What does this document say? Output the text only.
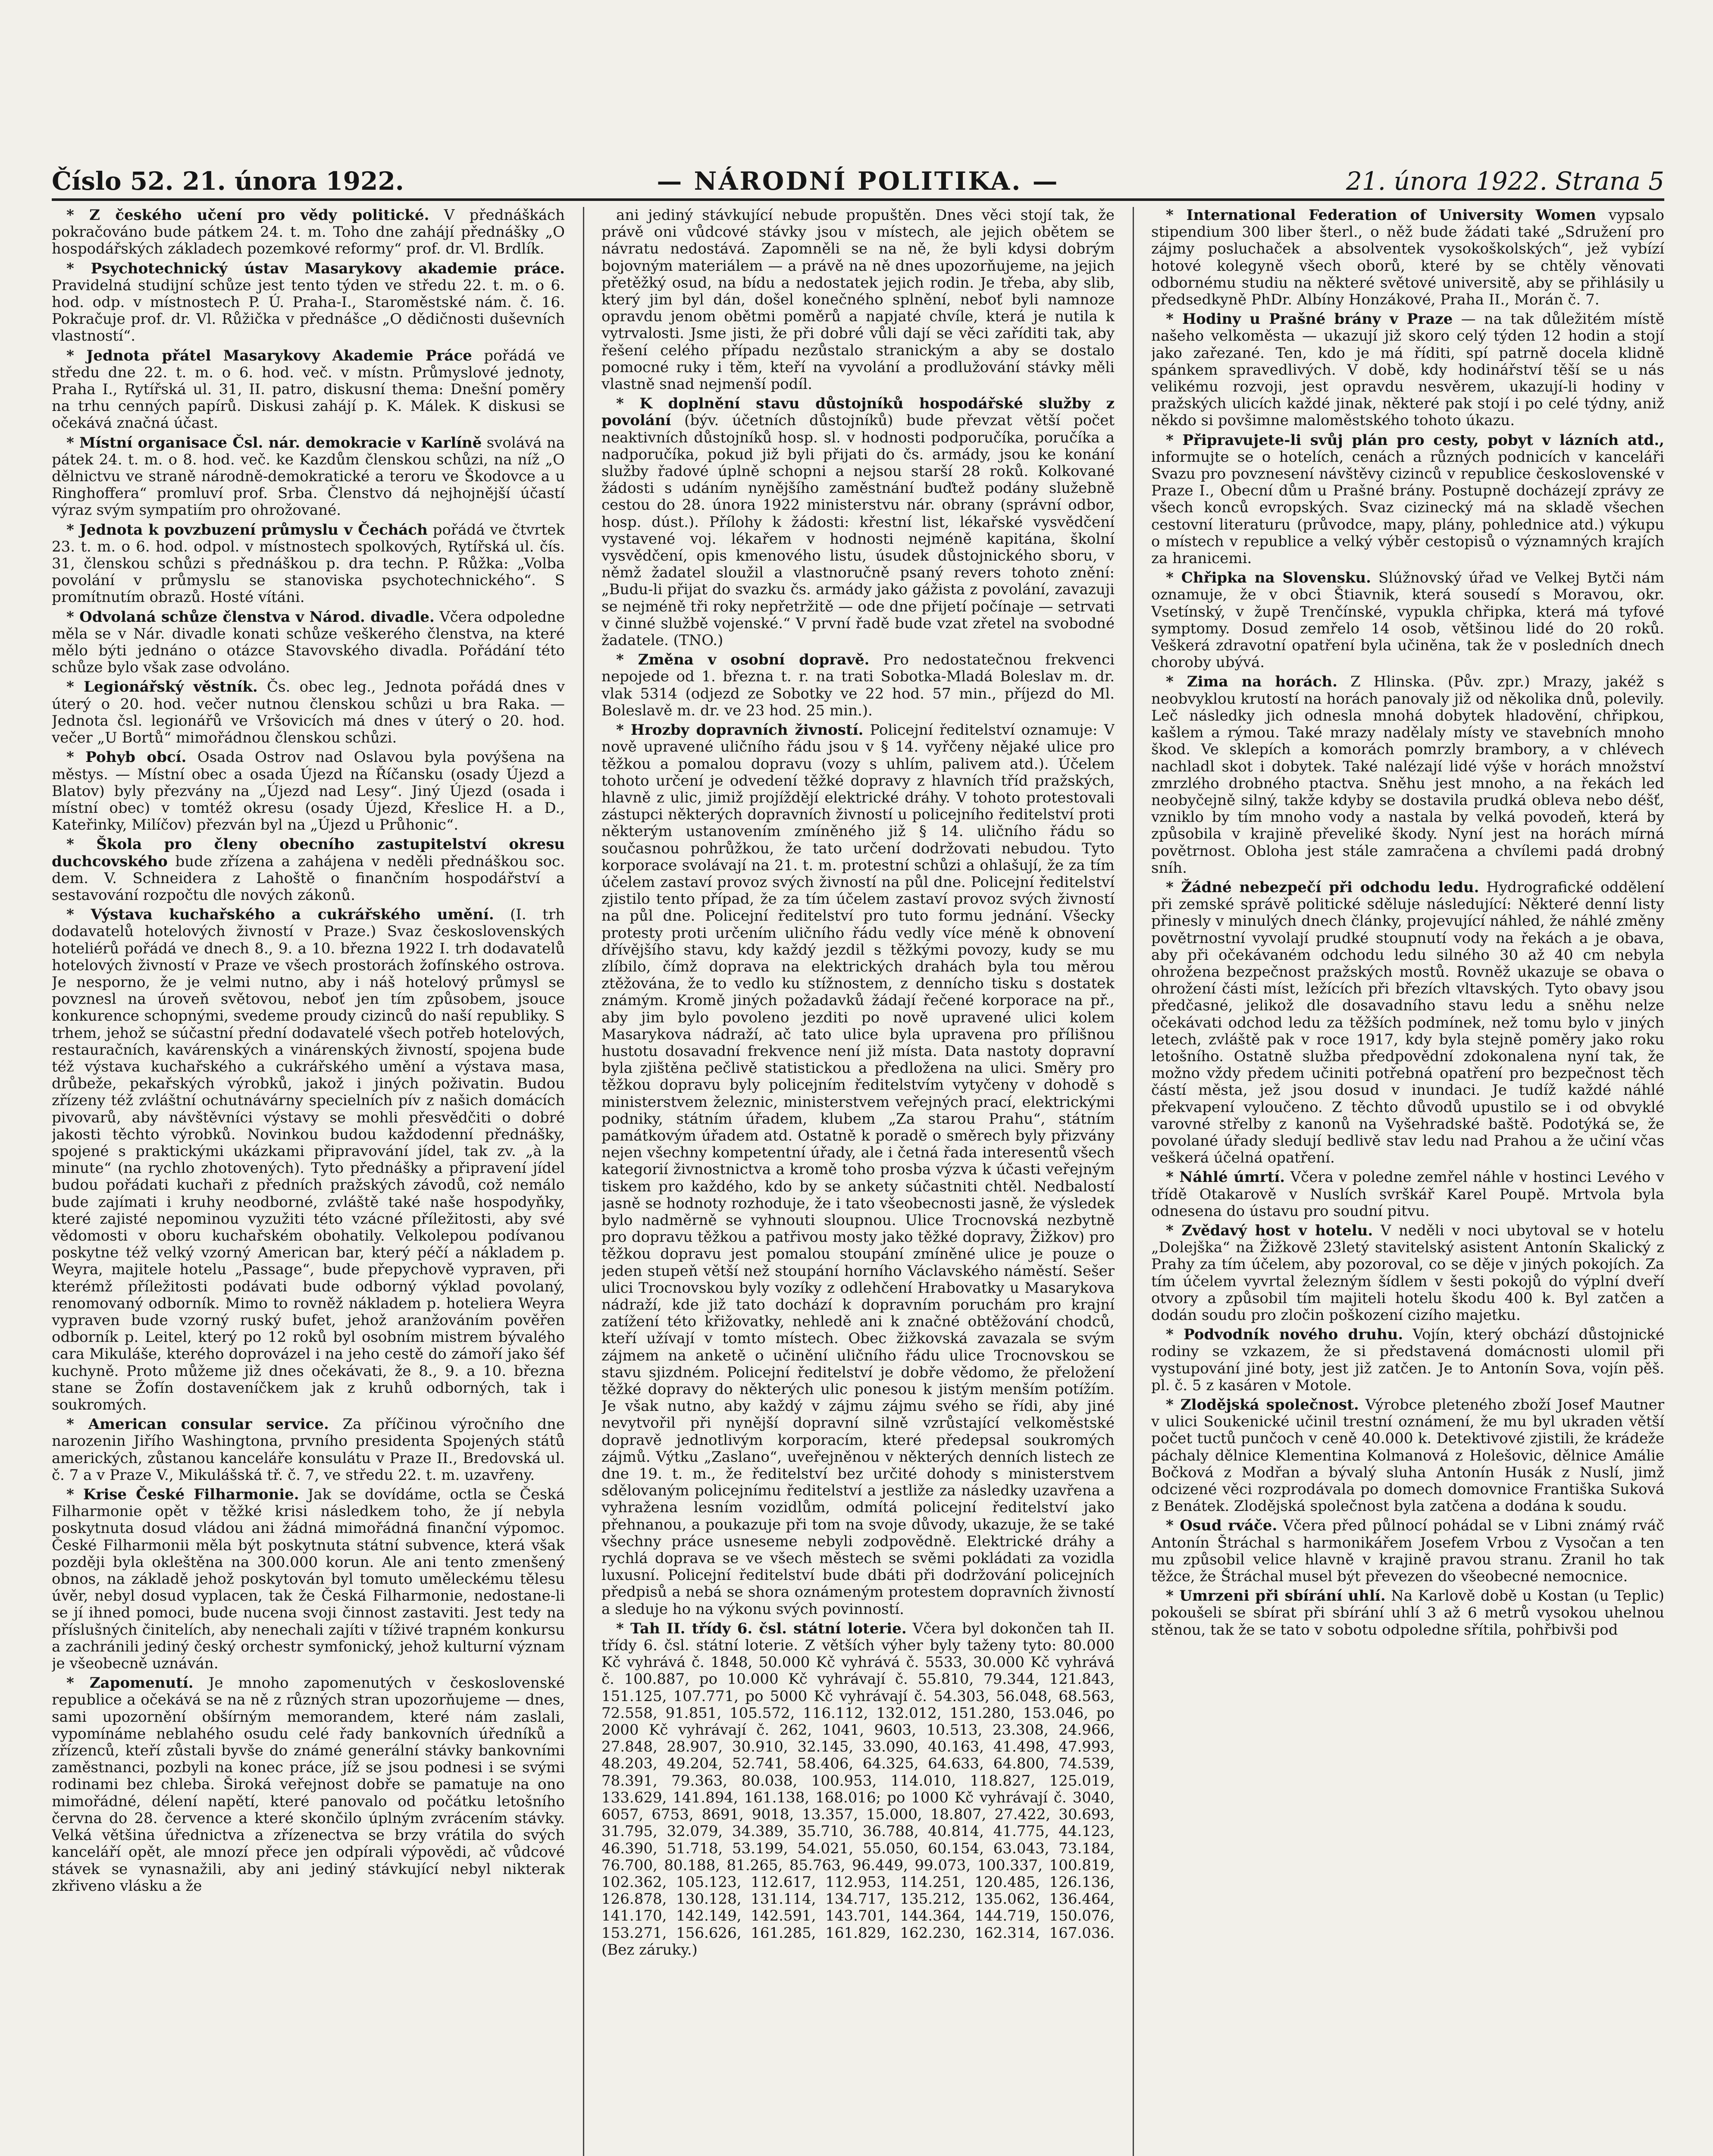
Číslo 52. 21. února 1922.	— NÁRODNÍ POLITIKA. —	21. února 1922. Strana 5

* Z českého učení pro vědy politické. V přednáškách pokračováno bude pátkem 24. t. m. Toho dne zahájí přednášky „O hospodářských základech pozemkové reformy“ prof. dr. Vl. Brdlík.

* Psychotechnický ústav Masarykovy akademie práce. Pravidelná studijní schůze jest tento týden ve středu 22. t. m. o 6. hod. odp. v místnostech P. Ú. Praha-I., Staroměstské nám. č. 16. Pokračuje prof. dr. Vl. Růžička v přednášce „O dědičnosti duševních vlastností“.

* Jednota přátel Masarykovy Akademie Práce pořádá ve středu dne 22. t. m. o 6. hod. več. v místn. Průmyslové jednoty, Praha I., Rytířská ul. 31, II. patro, diskusní thema: Dnešní poměry na trhu cenných papírů. Diskusi zahájí p. K. Málek. K diskusi se očekává značná účast.

* Místní organisace Čsl. nár. demokracie v Karlíně svolává na pátek 24. t. m. o 8. hod. več. ke Kazdům členskou schůzi, na níž „O dělnictvu ve straně národně-demokratické a teroru ve Škodovce a u Ringhoffera“ promluví prof. Srba. Členstvo dá nejhojnější účastí výraz svým sympatiím pro ohrožované.

* Jednota k povzbuzení průmyslu v Čechách pořádá ve čtvrtek 23. t. m. o 6. hod. odpol. v místnostech spolkových, Rytířská ul. čís. 31, členskou schůzi s přednáškou p. dra techn. P. Růžka: „Volba povolání v průmyslu se stanoviska psychotechnického“. S promítnutím obrazů. Hosté vítáni.

* Odvolaná schůze členstva v Národ. divadle. Včera odpoledne měla se v Nár. divadle konati schůze veškerého členstva, na které mělo býti jednáno o otázce Stavovského divadla. Pořádání této schůze bylo však zase odvoláno.

* Legionářský věstník. Čs. obec leg., Jednota pořádá dnes v úterý o 20. hod. večer nutnou členskou schůzi u bra Raka. — Jednota čsl. legionářů ve Vršovicích má dnes v úterý o 20. hod. večer „U Bortů“ mimořádnou členskou schůzi.

* Pohyb obcí. Osada Ostrov nad Oslavou byla povýšena na městys. — Místní obec a osada Újezd na Říčansku (osady Újezd a Blatov) byly přezvány na „Újezd nad Lesy“. Jiný Újezd (osada i místní obec) v tomtéž okresu (osady Újezd, Křeslice H. a D., Kateřinky, Milíčov) přezván byl na „Újezd u Průhonic“.

* Škola pro členy obecního zastupitelství okresu duchcovského bude zřízena a zahájena v neděli přednáškou soc. dem. V. Schneidera z Lahoště o finančním hospodářství a sestavování rozpočtu dle nových zákonů.

* Výstava kuchařského a cukrářského umění. (I. trh dodavatelů hotelových živností v Praze.) Svaz československých hoteliérů pořádá ve dnech 8., 9. a 10. března 1922 I. trh dodavatelů hotelových živností v Praze ve všech prostorách žofínského ostrova. Je nesporno, že je velmi nutno, aby i náš hotelový průmysl se povznesl na úroveň světovou, neboť jen tím způsobem, jsouce konkurence schopnými, svedeme proudy cizinců do naší republiky. S trhem, jehož se súčastní přední dodavatelé všech potřeb hotelových, restauračních, kavárenských a vinárenských živností, spojena bude též výstava kuchařského a cukrářského umění a výstava masa, drůbeže, pekařských výrobků, jakož i jiných poživatin. Budou zřízeny též zvláštní ochutnávárny specielních pív z našich domácích pivovarů, aby návštěvníci výstavy se mohli přesvědčiti o dobré jakosti těchto výrobků. Novinkou budou každodenní přednášky, spojené s praktickými ukázkami připravování jídel, tak zv. „à la minute“ (na rychlo zhotovených). Tyto přednášky a připravení jídel budou pořádati kuchaři z předních pražských závodů, což nemálo bude zajímati i kruhy neodborné, zvláště také naše hospodyňky, které zajisté nepominou vyzužiti této vzácné příležitosti, aby své vědomosti v oboru kuchařském obohatily. Velkolepou podívanou poskytne též velký vzorný American bar, který péčí a nákladem p. Weyra, majitele hotelu „Passage“, bude přepychově vypraven, při kterémž příležitosti podávati bude odborný výklad povolaný, renomovaný odborník. Mimo to rovněž nákladem p. hoteliera Weyra vypraven bude vzorný ruský bufet, jehož aranžováním pověřen odborník p. Leitel, který po 12 roků byl osobním mistrem bývalého cara Mikuláše, kterého doprovázel i na jeho cestě do zámoří jako šéf kuchyně. Proto můžeme již dnes očekávati, že 8., 9. a 10. března stane se Žofín dostaveníčkem jak z kruhů odborných, tak i soukromých.

* American consular service. Za příčinou výročního dne narozenin Jiřího Washingtona, prvního presidenta Spojených států amerických, zůstanou kanceláře konsulátu v Praze II., Bredovská ul. č. 7 a v Praze V., Mikulášská tř. č. 7, ve středu 22. t. m. uzavřeny.

* Krise České Filharmonie. Jak se dovídáme, octla se Česká Filharmonie opět v těžké krisi následkem toho, že jí nebyla poskytnuta dosud vládou ani žádná mimořádná finanční výpomoc. České Filharmonii měla být poskytnuta státní subvence, která však později byla okleštěna na 300.000 korun. Ale ani tento zmenšený obnos, na základě jehož poskytován byl tomuto uměleckému tělesu úvěr, nebyl dosud vyplacen, tak že Česká Filharmonie, nedostane-li se jí ihned pomoci, bude nucena svoji činnost zastaviti. Jest tedy na příslušných činitelích, aby nenechali zajíti v tíživé trapném konkursu a zachránili jediný český orchestr symfonický, jehož kulturní význam je všeobecně uznáván.

* Zapomenutí. Je mnoho zapomenutých v československé republice a očekává se na ně z různých stran upozorňujeme — dnes, sami upozornění obšírným memorandem, které nám zaslali, vypomínáme neblahého osudu celé řady bankovních úředníků a zřízenců, kteří zůstali byvše do známé generální stávky bankovními zaměstnanci, pozbyli na konec práce, jíž se jsou podnesi i se svými rodinami bez chleba. Široká veřejnost dobře se pamatuje na ono mimořádné, délení napětí, které panovalo od počátku letošního června do 28. července a které skončilo úplným zvrácením stávky. Velká většina úřednictva a zřízenectva se brzy vrátila do svých kanceláří opět, ale mnozí přece jen odpírali výpovědi, ač vůdcové stávek se vynasnažili, aby ani jediný stávkující nebyl nikterak zkřiveno vlásku a že

ani jediný stávkující nebude propuštěn. Dnes věci stojí tak, že právě oni vůdcové stávky jsou v místech, ale jejich obětem se návratu nedostává. Zapomněli se na ně, že byli kdysi dobrým bojovným materiálem — a právě na ně dnes upozorňujeme, na jejich přetěžký osud, na bídu a nedostatek jejich rodin. Je třeba, aby slib, který jim byl dán, došel konečného splnění, neboť byli namnoze opravdu jenom obětmi poměrů a napjaté chvíle, která je nutila k vytrvalosti. Jsme jisti, že při dobré vůli dají se věci zaříditi tak, aby řešení celého případu nezůstalo stranickým a aby se dostalo pomocné ruky i těm, kteří na vyvolání a prodlužování stávky měli vlastně snad nejmenší podíl.

* K doplnění stavu důstojníků hospodářské služby z povolání (býv. účetních důstojníků) bude převzat větší počet neaktivních důstojníků hosp. sl. v hodnosti podporučíka, poručíka a nadporučíka, pokud již byli přijati do čs. armády, jsou ke konání služby řadové úplně schopni a nejsou starší 28 roků. Kolkované žádosti s udáním nynějšího zaměstnání buďtež podány služebně cestou do 28. února 1922 ministerstvu nár. obrany (správní odbor, hosp. dúst.). Přílohy k žádosti: křestní list, lékařské vysvědčení vystavené voj. lékařem v hodnosti nejméně kapitána, školní vysvědčení, opis kmenového listu, úsudek důstojnického sboru, v němž žadatel sloužil a vlastnoručně psaný revers tohoto znění: „Budu-li přijat do svazku čs. armády jako gážista z povolání, zavazuji se nejméně tři roky nepřetržitě — ode dne přijetí počínaje — setrvati v činné službě vojenské.“ V první řadě bude vzat zřetel na svobodné žadatele. (TNO.)

* Změna v osobní dopravě. Pro nedostatečnou frekvenci nepojede od 1. března t. r. na trati Sobotka-Mladá Boleslav m. dr. vlak 5314 (odjezd ze Sobotky ve 22 hod. 57 min., příjezd do Ml. Boleslavě m. dr. ve 23 hod. 25 min.).

* Hrozby dopravních živností. Policejní ředitelství oznamuje: V nově upravené uličního řádu jsou v § 14. vyřčeny nějaké ulice pro těžkou a pomalou dopravu (vozy s uhlím, palivem atd.). Účelem tohoto určení je odvedení těžké dopravy z hlavních tříd pražských, hlavně z ulic, jimiž projíždějí elektrické dráhy. V tohoto protestovali zástupci některých dopravních živností u policejního ředitelství proti některým ustanovením zmíněného již § 14. uličního řádu so současnou pohrůžkou, že tato určení dodržovati nebudou. Tyto korporace svolávají na 21. t. m. protestní schůzi a ohlašují, že za tím účelem zastaví provoz svých živností na půl dne. Policejní ředitelství zjistilo tento případ, že za tím účelem zastaví provoz svých živností na půl dne. Policejní ředitelství pro tuto formu jednání. Všecky protesty proti určením uličního řádu vedly více méně k obnovení dřívějšího stavu, kdy každý jezdil s těžkými povozy, kudy se mu zlíbilo, čímž doprava na elektrických drahách byla tou měrou ztěžována, že to vedlo ku stížnostem, z dennícho tisku s dostatek známým. Kromě jiných požadavků žádají řečené korporace na př., aby jim bylo povoleno jezditi po nově upravené ulici kolem Masarykova nádraží, ač tato ulice byla upravena pro přílišnou hustotu dosavadní frekvence není již místa. Data nastoty dopravní byla zjištěna pečlivě statistickou a předložena na ulici. Směry pro těžkou dopravu byly policejním ředitelstvím vytyčeny v dohodě s ministerstvem železnic, ministerstvem veřejných prací, elektrickými podniky, státním úřadem, klubem „Za starou Prahu“, státním památkovým úřadem atd. Ostatně k poradě o směrech byly přizvány nejen všechny kompetentní úřady, ale i četná řada interesentů všech kategorií živnostnictva a kromě toho prosba výzva k účasti veřejným tiskem pro každého, kdo by se ankety súčastniti chtěl. Nedbalostí jasně se hodnoty rozhoduje, že i tato všeobecnosti jasně, že výsledek bylo nadměrně se vyhnouti sloupnou. Ulice Trocnovská nezbytně pro dopravu těžkou a patřivou mosty jako těžké dopravy, Žižkov) pro těžkou dopravu jest pomalou stoupání zmíněné ulice je pouze o jeden stupeň větší než stoupání horního Václavského náměstí. Sešer ulici Trocnovskou byly vozíky z odlehčení Hrabovatky u Masarykova nádraží, kde již tato dochází k dopravním poruchám pro krajní zatížení této křižovatky, nehledě ani k značné obtěžování chodců, kteří užívají v tomto místech. Obec žižkovská zavazala se svým zájmem na anketě o učinění uličního řádu ulice Trocnovskou se stavu sjizdném. Policejní ředitelství je dobře vědomo, že přeložení těžké dopravy do některých ulic ponesou k jistým menším potížím. Je však nutno, aby každý v zájmu zájmu svého se řídi, aby jiné nevytvořil při nynější dopravní silně vzrůstající velkoměstské dopravě jednotlivým korporacím, které předepsal soukromých zájmů. Výtku „Zaslano“, uveřejněnou v některých denních listech ze dne 19. t. m., že ředitelství bez určité dohody s ministerstvem sdělovaným policejnímu ředitelství a jestliže za následky uzavřena a vyhražena lesním vozidlům, odmítá policejní ředitelství jako přehnanou, a poukazuje při tom na svoje důvody, ukazuje, že se také všechny práce usneseme nebyli zodpovědně. Elektrické dráhy a rychlá doprava se ve všech městech se svěmi pokládati za vozidla luxusní. Policejní ředitelství bude dbáti při dodržování policejních předpisů a nebá se shora oznámeným protestem dopravních živností a sleduje ho na výkonu svých povinností.

* Tah II. třídy 6. čsl. státní loterie. Včera byl dokončen tah II. třídy 6. čsl. státní loterie. Z větších výher byly taženy tyto: 80.000 Kč vyhrává č. 1848, 50.000 Kč vyhrává č. 5533, 30.000 Kč vyhrává č. 100.887, po 10.000 Kč vyhrávají č. 55.810, 79.344, 121.843, 151.125, 107.771, po 5000 Kč vyhrávají č. 54.303, 56.048, 68.563, 72.558, 91.851, 105.572, 116.112, 132.012, 151.280, 153.046, po 2000 Kč vyhrávají č. 262, 1041, 9603, 10.513, 23.308, 24.966, 27.848, 28.907, 30.910, 32.145, 33.090, 40.163, 41.498, 47.993, 48.203, 49.204, 52.741, 58.406, 64.325, 64.633, 64.800, 74.539, 78.391, 79.363, 80.038, 100.953, 114.010, 118.827, 125.019, 133.629, 141.894, 161.138, 168.016; po 1000 Kč vyhrávají č. 3040, 6057, 6753, 8691, 9018, 13.357, 15.000, 18.807, 27.422, 30.693, 31.795, 32.079, 34.389, 35.710, 36.788, 40.814, 41.775, 44.123, 46.390, 51.718, 53.199, 54.021, 55.050, 60.154, 63.043, 73.184, 76.700, 80.188, 81.265, 85.763, 96.449, 99.073, 100.337, 100.819, 102.362, 105.123, 112.617, 112.953, 114.251, 120.485, 126.136, 126.878, 130.128, 131.114, 134.717, 135.212, 135.062, 136.464, 141.170, 142.149, 142.591, 143.701, 144.364, 144.719, 150.076, 153.271, 156.626, 161.285, 161.829, 162.230, 162.314, 167.036. (Bez záruky.)

* International Federation of University Women vypsalo stipendium 300 liber šterl., o něž bude žádati také „Sdružení pro zájmy posluchaček a absolventek vysokoškolských“, jež vybízí hotové kolegyně všech oborů, které by se chtěly věnovati odbornému studiu na některé světové universitě, aby se přihlásily u předsedkyně PhDr. Albíny Honzákové, Praha II., Morán č. 7.

* Hodiny u Prašné brány v Praze — na tak důležitém místě našeho velkoměsta — ukazují již skoro celý týden 12 hodin a stojí jako zařezané. Ten, kdo je má říditi, spí patrně docela klidně spánkem spravedlivých. V době, kdy hodinářství těší se u nás velikému rozvoji, jest opravdu nesvěrem, ukazují-li hodiny v pražských ulicích každé jinak, některé pak stojí i po celé týdny, aniž někdo si povšimne maloměstského tohoto úkazu.

* Připravujete-li svůj plán pro cesty, pobyt v lázních atd., informujte se o hotelích, cenách a různých podnicích v kanceláři Svazu pro povznesení návštěvy cizinců v republice československé v Praze I., Obecní dům u Prašné brány. Postupně docházejí zprávy ze všech konců evropských. Svaz cizinecký má na skladě všechen cestovní literaturu (průvodce, mapy, plány, pohlednice atd.) výkupu o místech v republice a velký výběr cestopisů o významných krajích za hranicemi.

* Chřipka na Slovensku. Slúžnovský úřad ve Velkej Bytči nám oznamuje, že v obci Štiavnik, která sousedí s Moravou, okr. Vsetínský, v župě Trenčínské, vypukla chřipka, která má tyfové symptomy. Dosud zemřelo 14 osob, většinou lidé do 20 roků. Veškerá zdravotní opatření byla učiněna, tak že v posledních dnech choroby ubývá.

* Zima na horách. Z Hlinska. (Pův. zpr.) Mrazy, jakéž s neobvyklou krutostí na horách panovaly již od několika dnů, polevily. Leč následky jich odnesla mnohá dobytek hladovění, chřipkou, kašlem a rýmou. Také mrazy nadělaly místy ve stavebních mnoho škod. Ve sklepích a komorách pomrzly brambory, a v chlévech nachladl skot i dobytek. Také nalézají lidé výše v horách množství zmrzlého drobného ptactva. Sněhu jest mnoho, a na řekách led neobyčejně silný, takže kdyby se dostavila prudká obleva nebo déšť, vzniklo by tím mnoho vody a nastala by velká povodeň, která by způsobila v krajině převeliké škody. Nyní jest na horách mírná povětrnost. Obloha jest stále zamračena a chvílemi padá drobný sníh.

* Žádné nebezpečí při odchodu ledu. Hydrografické oddělení při zemské správě politické sděluje následující: Některé denní listy přinesly v minulých dnech články, projevující náhled, že náhlé změny povětrnostní vyvolají prudké stoupnutí vody na řekách a je obava, aby při očekávaném odchodu ledu silného 30 až 40 cm nebyla ohrožena bezpečnost pražských mostů. Rovněž ukazuje se obava o ohrožení části míst, ležících při březích vltavských. Tyto obavy jsou předčasné, jelikož dle dosavadního stavu ledu a sněhu nelze očekávati odchod ledu za těžších podmínek, než tomu bylo v jiných letech, zvláště pak v roce 1917, kdy byla stejně poměry jako roku letošního. Ostatně služba předpovědní zdokonalena nyní tak, že možno vždy předem učiniti potřebná opatření pro bezpečnost těch částí města, jež jsou dosud v inundaci. Je tudíž každé náhlé překvapení vyloučeno. Z těchto důvodů upustilo se i od obvyklé varovné střelby z kanonů na Vyšehradské baště. Podotýká se, že povolané úřady sledují bedlivě stav ledu nad Prahou a že učiní včas veškerá účelná opatření.

* Náhlé úmrtí. Včera v poledne zemřel náhle v hostinci Levého v třídě Otakarově v Nuslích svrškář Karel Poupě. Mrtvola byla odnesena do ústavu pro soudní pitvu.

* Zvědavý host v hotelu. V neděli v noci ubytoval se v hotelu „Dolejška“ na Žižkově 23letý stavitelský asistent Antonín Skalický z Prahy za tím účelem, aby pozoroval, co se děje v jiných pokojích. Za tím účelem vyvrtal železným šídlem v šesti pokojů do výplní dveří otvory a způsobil tím majiteli hotelu škodu 400 k. Byl zatčen a dodán soudu pro zločin poškození cizího majetku.

* Podvodník nového druhu. Vojín, který obchází důstojnické rodiny se vzkazem, že si představená domácnosti ulomil při vystupování jiné boty, jest již zatčen. Je to Antonín Sova, vojín pěš. pl. č. 5 z kasáren v Motole.

* Zlodějská společnost. Výrobce pleteného zboží Josef Mautner v ulici Soukenické učinil trestní oznámení, že mu byl ukraden větší počet tuctů punčoch v ceně 40.000 k. Detektivové zjistili, že krádeže páchaly dělnice Klementina Kolmanová z Holešovic, dělnice Amálie Bočková z Modřan a bývalý sluha Antonín Husák z Nuslí, jimž odcizené věci rozprodávala po domech domovnice Františka Suková z Benátek. Zlodějská společnost byla zatčena a dodána k soudu.

* Osud rváče. Včera před půlnocí pohádal se v Libni známý rváč Antonín Štráchal s harmonikářem Josefem Vrbou z Vysočan a ten mu způsobil velice hlavně v krajině pravou stranu. Zranil ho tak těžce, že Štráchal musel být převezen do všeobecné nemocnice.

* Umrzeni při sbírání uhlí. Na Karlově době u Kostan (u Teplic) pokoušeli se sbírat při sbírání uhlí 3 až 6 metrů vysokou uhelnou stěnou, tak že se tato v sobotu odpoledne sřítila, pohřbivši pod
